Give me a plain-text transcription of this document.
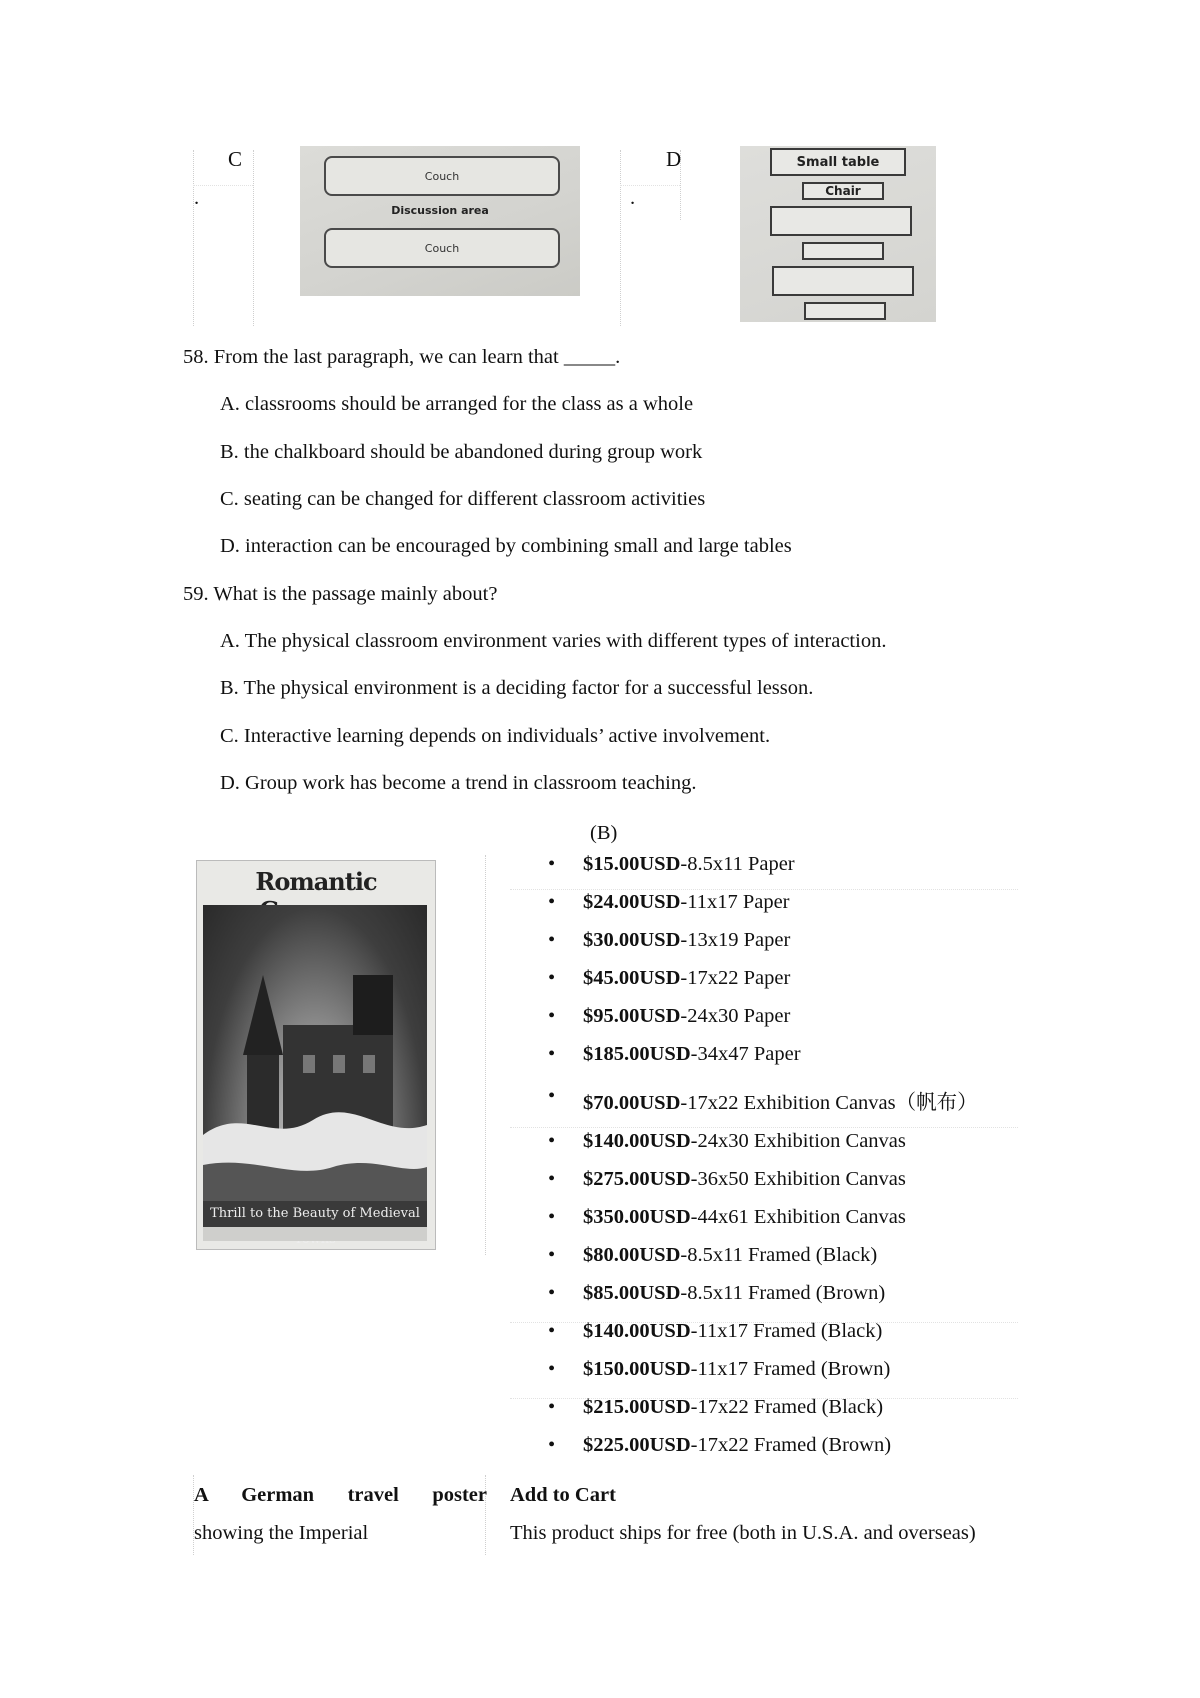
C
.
D
.
Couch
Discussion area
Couch
Small table
Chair
58. From the last paragraph, we can learn that _____.
A. classrooms should be arranged for the class as a whole
B. the chalkboard should be abandoned during group work
C. seating can be changed for different classroom activities
D. interaction can be encouraged by combining small and large tables
59. What is the passage mainly about?
A. The physical classroom environment varies with different types of interaction.
B. The physical environment is a deciding factor for a successful lesson.
C. Interactive learning depends on individuals’ active involvement.
D. Group work has become a trend in classroom teaching.
(B)
Romantic
Thrill to the Beauty of Medieval
• $15.00USD-8.5x11 Paper
• $24.00USD-11x17 Paper
• $30.00USD-13x19 Paper
• $45.00USD-17x22 Paper
• $95.00USD-24x30 Paper
• $185.00USD-34x47 Paper
• $70.00USD-17x22 Exhibition Canvas（帆布）
• $140.00USD-24x30 Exhibition Canvas
• $275.00USD-36x50 Exhibition Canvas
• $350.00USD-44x61 Exhibition Canvas
• $80.00USD-8.5x11 Framed (Black)
• $85.00USD-8.5x11 Framed (Brown)
• $140.00USD-11x17 Framed (Black)
• $150.00USD-11x17 Framed (Brown)
• $215.00USD-17x22 Framed (Black)
• $225.00USD-17x22 Framed (Brown)
A German travel poster
showing the Imperial
Add to Cart
This product ships for free (both in U.S.A. and overseas)
